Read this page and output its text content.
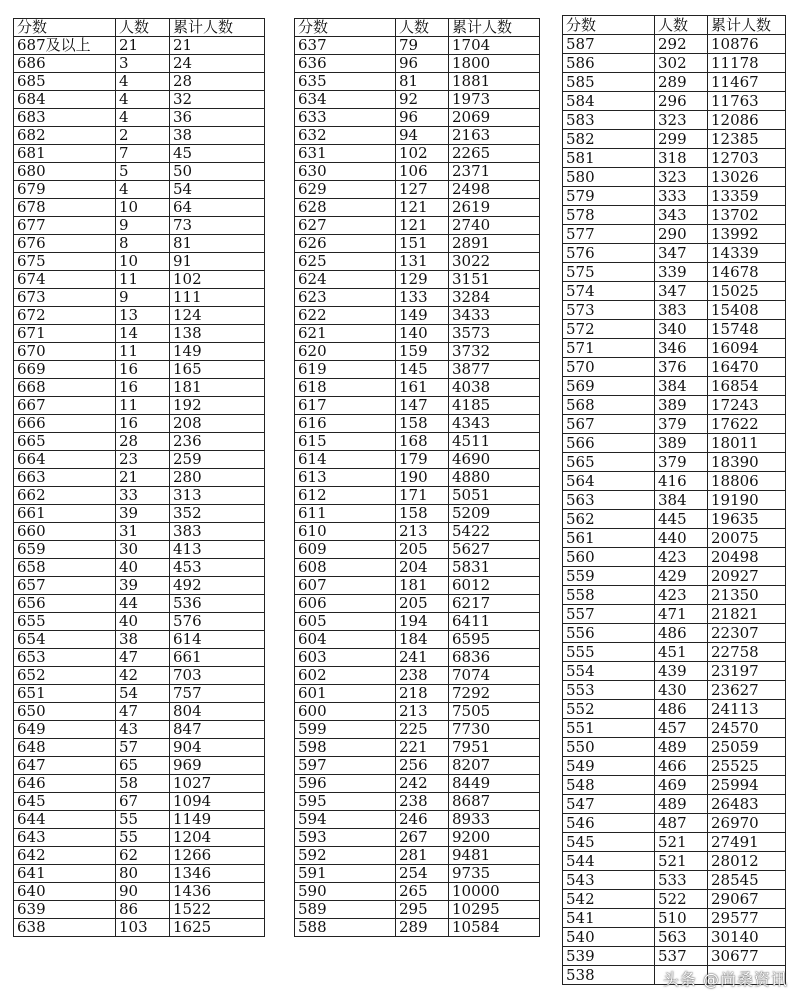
分数	人数	累计人数
687及以上	21	21
686	3	24
685	4	28
684	4	32
683	4	36
682	2	38
681	7	45
680	5	50
679	4	54
678	10	64
677	9	73
676	8	81
675	10	91
674	11	102
673	9	111
672	13	124
671	14	138
670	11	149
669	16	165
668	16	181
667	11	192
666	16	208
665	28	236
664	23	259
663	21	280
662	33	313
661	39	352
660	31	383
659	30	413
658	40	453
657	39	492
656	44	536
655	40	576
654	38	614
653	47	661
652	42	703
651	54	757
650	47	804
649	43	847
648	57	904
647	65	969
646	58	1027
645	67	1094
644	55	1149
643	55	1204
642	62	1266
641	80	1346
640	90	1436
639	86	1522
638	103	1625
分数	人数	累计人数
637	79	1704
636	96	1800
635	81	1881
634	92	1973
633	96	2069
632	94	2163
631	102	2265
630	106	2371
629	127	2498
628	121	2619
627	121	2740
626	151	2891
625	131	3022
624	129	3151
623	133	3284
622	149	3433
621	140	3573
620	159	3732
619	145	3877
618	161	4038
617	147	4185
616	158	4343
615	168	4511
614	179	4690
613	190	4880
612	171	5051
611	158	5209
610	213	5422
609	205	5627
608	204	5831
607	181	6012
606	205	6217
605	194	6411
604	184	6595
603	241	6836
602	238	7074
601	218	7292
600	213	7505
599	225	7730
598	221	7951
597	256	8207
596	242	8449
595	238	8687
594	246	8933
593	267	9200
592	281	9481
591	254	9735
590	265	10000
589	295	10295
588	289	10584
分数	人数	累计人数
587	292	10876
586	302	11178
585	289	11467
584	296	11763
583	323	12086
582	299	12385
581	318	12703
580	323	13026
579	333	13359
578	343	13702
577	290	13992
576	347	14339
575	339	14678
574	347	15025
573	383	15408
572	340	15748
571	346	16094
570	376	16470
569	384	16854
568	389	17243
567	379	17622
566	389	18011
565	379	18390
564	416	18806
563	384	19190
562	445	19635
561	440	20075
560	423	20498
559	429	20927
558	423	21350
557	471	21821
556	486	22307
555	451	22758
554	439	23197
553	430	23627
552	486	24113
551	457	24570
550	489	25059
549	466	25525
548	469	25994
547	489	26483
546	487	26970
545	521	27491
544	521	28012
543	533	28545
542	522	29067
541	510	29577
540	563	30140
539	537	30677
538			头条 @尚桑资讯
